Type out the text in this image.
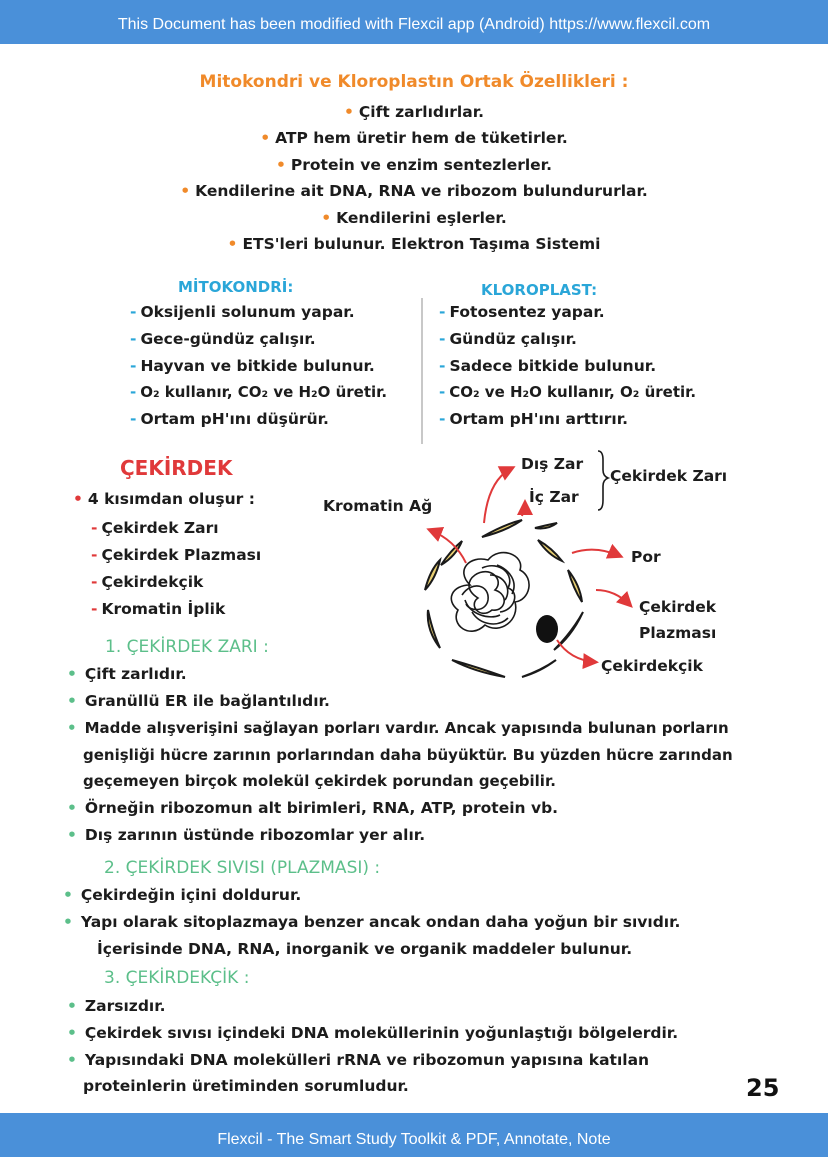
This Document has been modified with Flexcil app (Android) https://www.flexcil.com
Mitokondri ve Kloroplastın Ortak Özellikleri :
• Çift zarlıdırlar.
• ATP hem üretir hem de tüketirler.
• Protein ve enzim sentezlerler.
• Kendilerine ait DNA, RNA ve ribozom bulundururlar.
• Kendilerini eşlerler.
• ETS'leri bulunur. Elektron Taşıma Sistemi
MİTOKONDRİ:
- Oksijenli solunum yapar.
- Gece-gündüz çalışır.
- Hayvan ve bitkide bulunur.
- O₂ kullanır, CO₂ ve H₂O üretir.
- Ortam pH'ını düşürür.
KLOROPLAST:
- Fotosentez yapar.
- Gündüz çalışır.
- Sadece bitkide bulunur.
- CO₂ ve H₂O kullanır, O₂ üretir.
- Ortam pH'ını arttırır.
ÇEKİRDEK
• 4 kısımdan oluşur :
- Çekirdek Zarı
- Çekirdek Plazması
- Çekirdekçik
- Kromatin İplik
Dış Zar
İç Zar
Çekirdek Zarı
Kromatin Ağ
Por
Çekirdek
Plazması
Çekirdekçik
1. ÇEKİRDEK ZARI :
• Çift zarlıdır.
• Granüllü ER ile bağlantılıdır.
• Madde alışverişini sağlayan porları vardır. Ancak yapısında bulunan porların
genişliği hücre zarının porlarından daha büyüktür. Bu yüzden hücre zarından
geçemeyen birçok molekül çekirdek porundan geçebilir.
• Örneğin ribozomun alt birimleri, RNA, ATP, protein vb.
• Dış zarının üstünde ribozomlar yer alır.
2. ÇEKİRDEK SIVISI (PLAZMASI) :
• Çekirdeğin içini doldurur.
• Yapı olarak sitoplazmaya benzer ancak ondan daha yoğun bir sıvıdır.
İçerisinde DNA, RNA, inorganik ve organik maddeler bulunur.
3. ÇEKİRDEKÇİK :
• Zarsızdır.
• Çekirdek sıvısı içindeki DNA moleküllerinin yoğunlaştığı bölgelerdir.
• Yapısındaki DNA molekülleri rRNA ve ribozomun yapısına katılan
proteinlerin üretiminden sorumludur.	25
Flexcil - The Smart Study Toolkit & PDF, Annotate, Note
